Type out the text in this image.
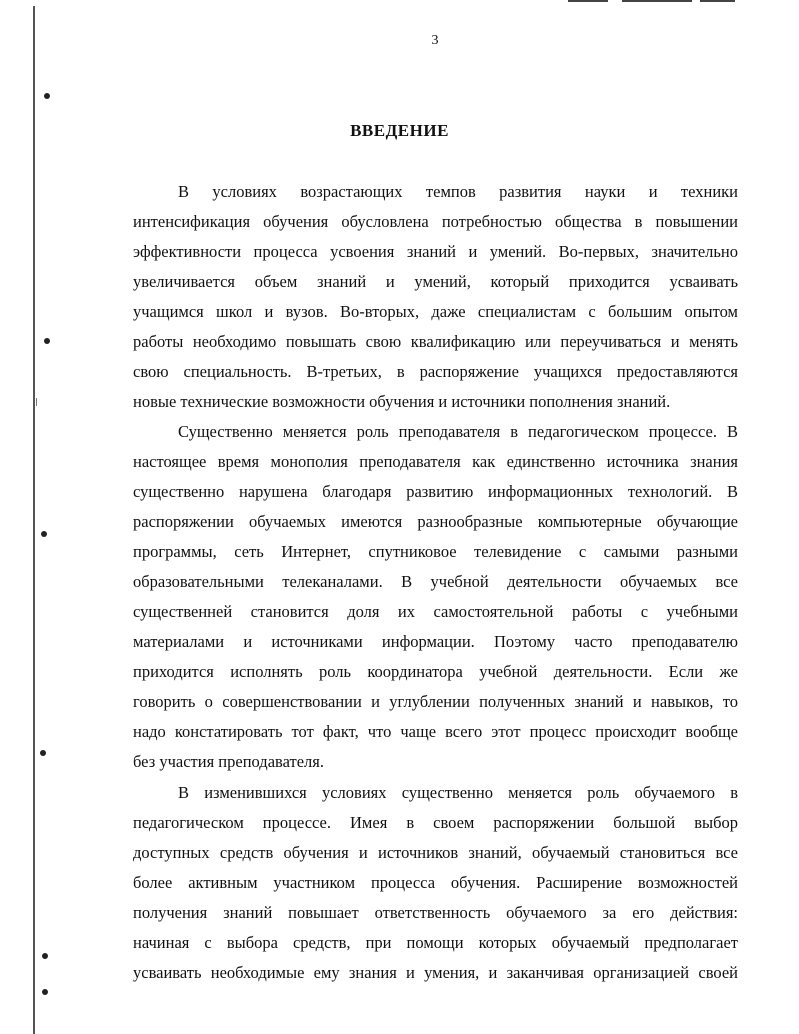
3
ВВЕДЕНИЕ
В условиях возрастающих темпов развития науки и техники
интенсификация обучения обусловлена потребностью общества в повышении
эффективности процесса усвоения знаний и умений. Во-первых, значительно
увеличивается объем знаний и умений, который приходится усваивать
учащимся школ и вузов. Во-вторых, даже специалистам с большим опытом
работы необходимо повышать свою квалификацию или переучиваться и менять
свою специальность. В-третьих, в распоряжение учащихся предоставляются
новые технические возможности обучения и источники пополнения знаний.
Существенно меняется роль преподавателя в педагогическом процессе. В
настоящее время монополия преподавателя как единственно источника знания
существенно нарушена благодаря развитию информационных технологий. В
распоряжении обучаемых имеются разнообразные компьютерные обучающие
программы, сеть Интернет, спутниковое телевидение с самыми разными
образовательными телеканалами. В учебной деятельности обучаемых все
существенней становится доля их самостоятельной работы с учебными
материалами и источниками информации. Поэтому часто преподавателю
приходится исполнять роль координатора учебной деятельности. Если же
говорить о совершенствовании и углублении полученных знаний и навыков, то
надо констатировать тот факт, что чаще всего этот процесс происходит вообще
без участия преподавателя.
В изменившихся условиях существенно меняется роль обучаемого в
педагогическом процессе. Имея в своем распоряжении большой выбор
доступных средств обучения и источников знаний, обучаемый становиться все
более активным участником процесса обучения. Расширение возможностей
получения знаний повышает ответственность обучаемого за его действия:
начиная с выбора средств, при помощи которых обучаемый предполагает
усваивать необходимые ему знания и умения, и заканчивая организацией своей
